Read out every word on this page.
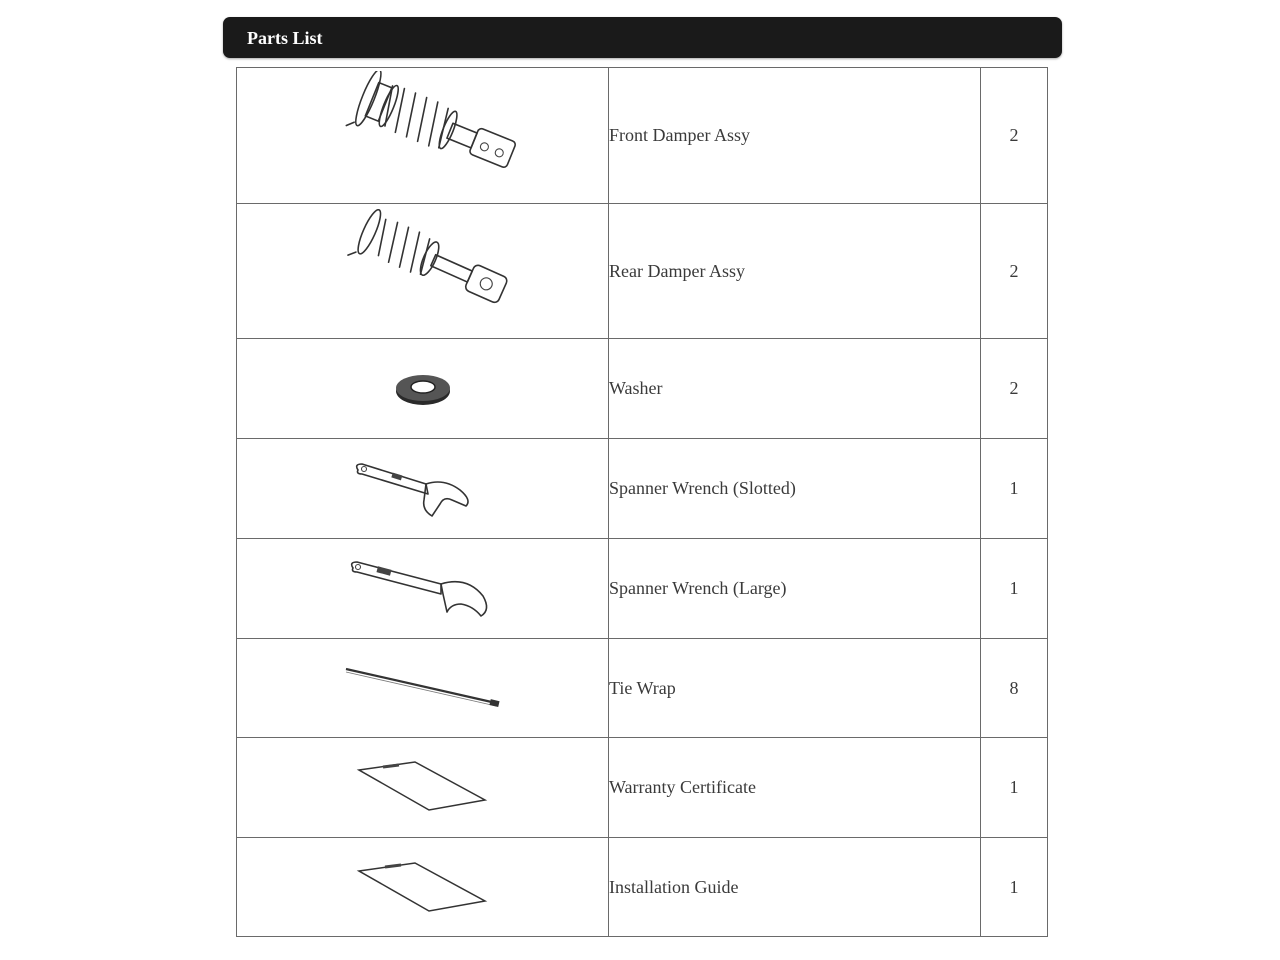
Parts List
	Front Damper Assy	2

	Rear Damper Assy	2

	Washer	2

	Spanner Wrench (Slotted)	1

	Spanner Wrench (Large)	1

	Tie Wrap	8

	Warranty Certificate	1

	Installation Guide	1
